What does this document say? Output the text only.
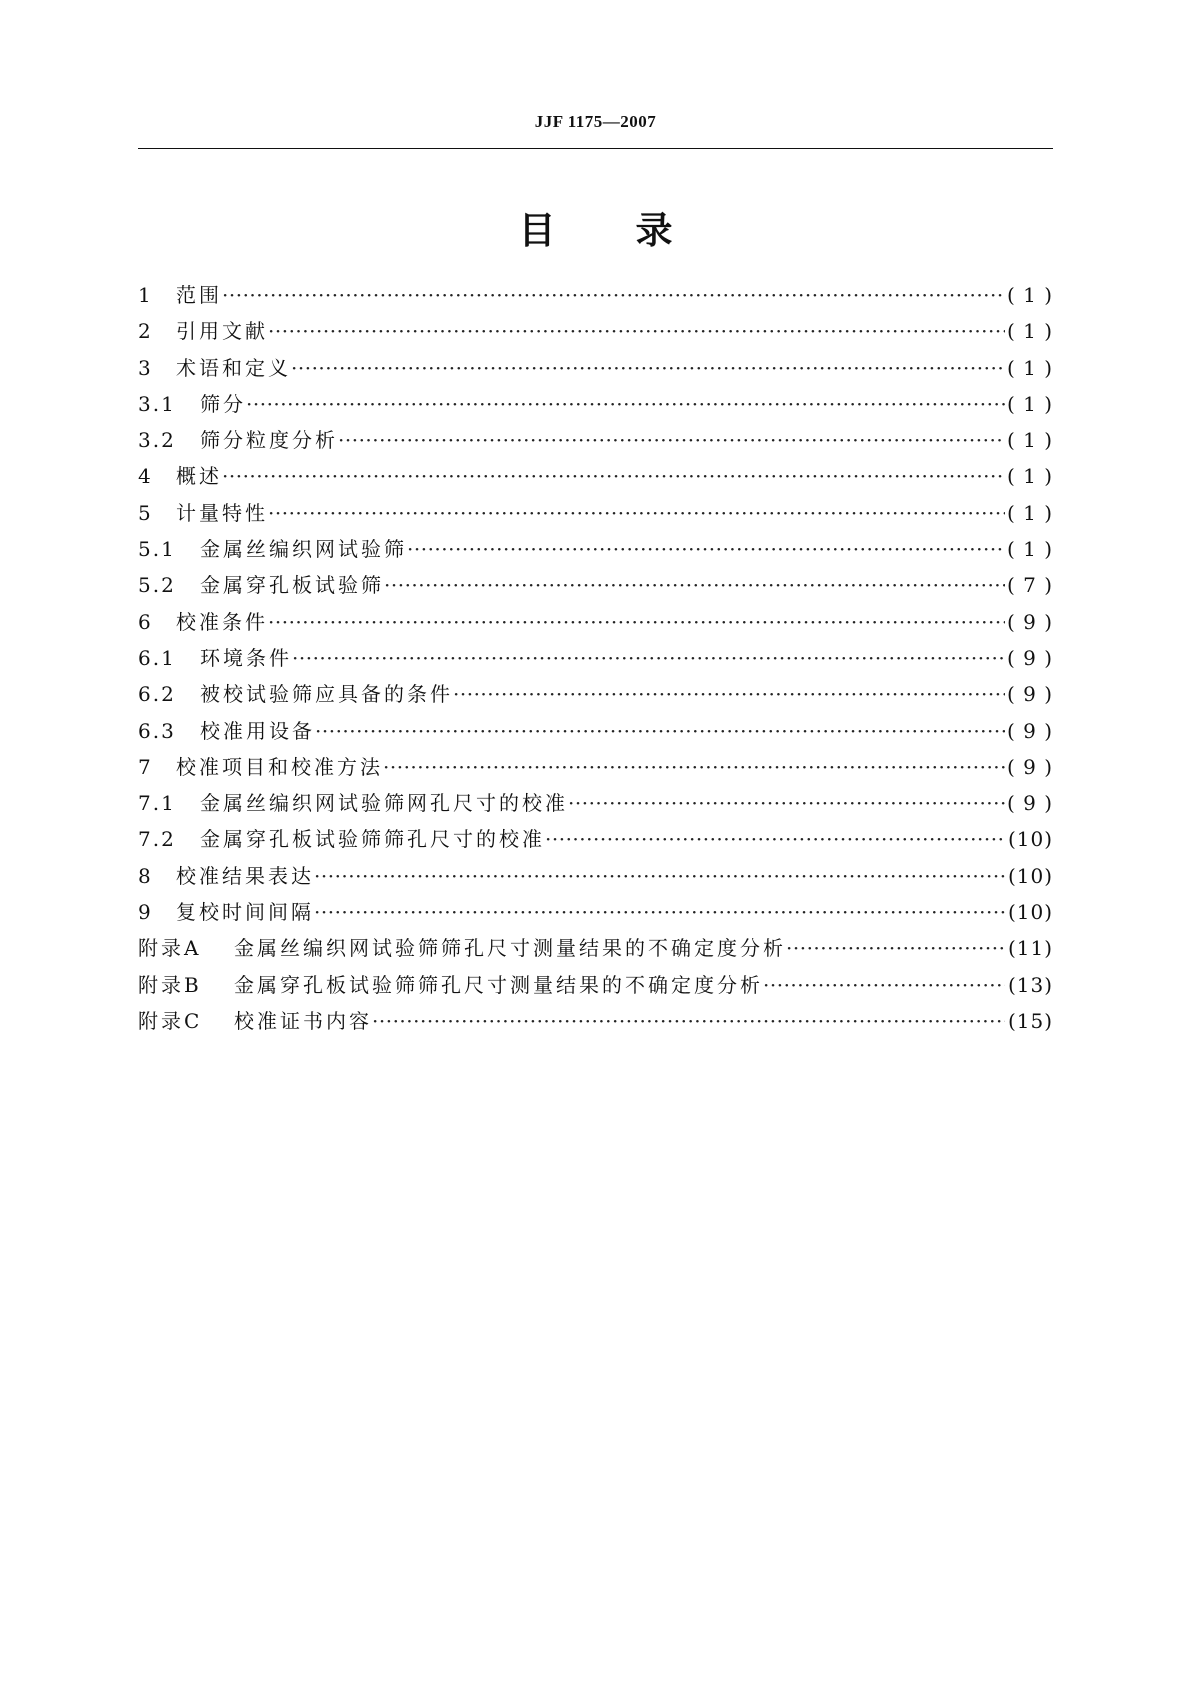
JJF 1175—2007
目录
1	范围 ·····	( 1 )
2	引用文献 ·····	( 1 )
3	术语和定义 ·····	( 1 )
3.1	筛分 ·····	( 1 )
3.2	筛分粒度分析 ·····	( 1 )
4	概述 ·····	( 1 )
5	计量特性 ·····	( 1 )
5.1	金属丝编织网试验筛 ·····	( 1 )
5.2	金属穿孔板试验筛 ·····	( 7 )
6	校准条件 ·····	( 9 )
6.1	环境条件 ·····	( 9 )
6.2	被校试验筛应具备的条件 ·····	( 9 )
6.3	校准用设备 ·····	( 9 )
7	校准项目和校准方法 ·····	( 9 )
7.1	金属丝编织网试验筛网孔尺寸的校准 ·····	( 9 )
7.2	金属穿孔板试验筛筛孔尺寸的校准 ·····	(10)
8	校准结果表达 ·····	(10)
9	复校时间间隔 ·····	(10)
附录A	金属丝编织网试验筛筛孔尺寸测量结果的不确定度分析 ·····	(11)
附录B	金属穿孔板试验筛筛孔尺寸测量结果的不确定度分析 ·····	(13)
附录C	校准证书内容 ·····	(15)
